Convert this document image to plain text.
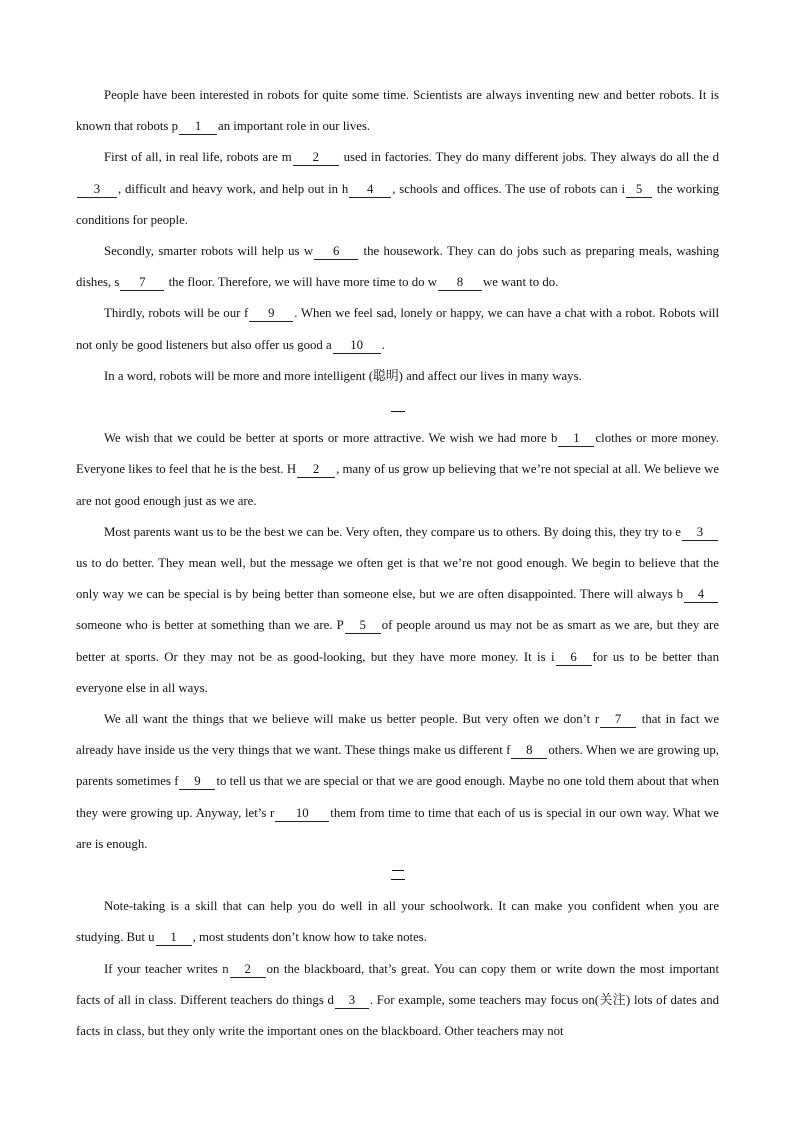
People have been interested in robots for quite some time. Scientists are always inventing new and better robots. It is known that robots p 1 an important role in our lives.

First of all, in real life, robots are m 2 used in factories. They do many different jobs. They always do all the d3 , difficult and heavy work, and help out in h 4 , schools and offices. The use of robots can i 5 the working conditions for people.

Secondly, smarter robots will help us w 6 the housework. They can do jobs such as preparing meals, washing dishes, s 7 the floor. Therefore, we will have more time to do w 8 we want to do.

Thirdly, robots will be our f 9 . When we feel sad, lonely or happy, we can have a chat with a robot. Robots will not only be good listeners but also offer us good a 10 .

In a word, robots will be more and more intelligent (聪明) and affect our lives in many ways.

We wish that we could be better at sports or more attractive. We wish we had more b 1 clothes or more money. Everyone likes to feel that he is the best. H 2 , many of us grow up believing that we’re not special at all. We believe we are not good enough just as we are.

Most parents want us to be the best we can be. Very often, they compare us to others. By doing this, they try to e 3 us to do better. They mean well, but the message we often get is that we’re not good enough. We begin to believe that the only way we can be special is by being better than someone else, but we are often disappointed. There will always b 4someone who is better at something than we are. P 5 of people around us may not be as smart as we are, but they are better at sports. Or they may not be as good-looking, but they have more money. It is i 6 for us to be better than everyone else in all ways.

We all want the things that we believe will make us better people. But very often we don’t r 7 that in fact we already have inside us the very things that we want. These things make us different f 8 others. When we are growing up, parents sometimes f 9 to tell us that we are special or that we are good enough. Maybe no one told them about that when they were growing up. Anyway, let’s r 10 them from time to time that each of us is special in our own way. What we are is enough.

Note-taking is a skill that can help you do well in all your schoolwork. It can make you confident when you are studying. But u 1 , most students don’t know how to take notes.

If your teacher writes n 2 on the blackboard, that’s great. You can copy them or write down the most important facts of all in class. Different teachers do things d 3 . For example, some teachers may focus on(关注) lots of dates and facts in class, but they only write the important ones on the blackboard. Other teachers may not
